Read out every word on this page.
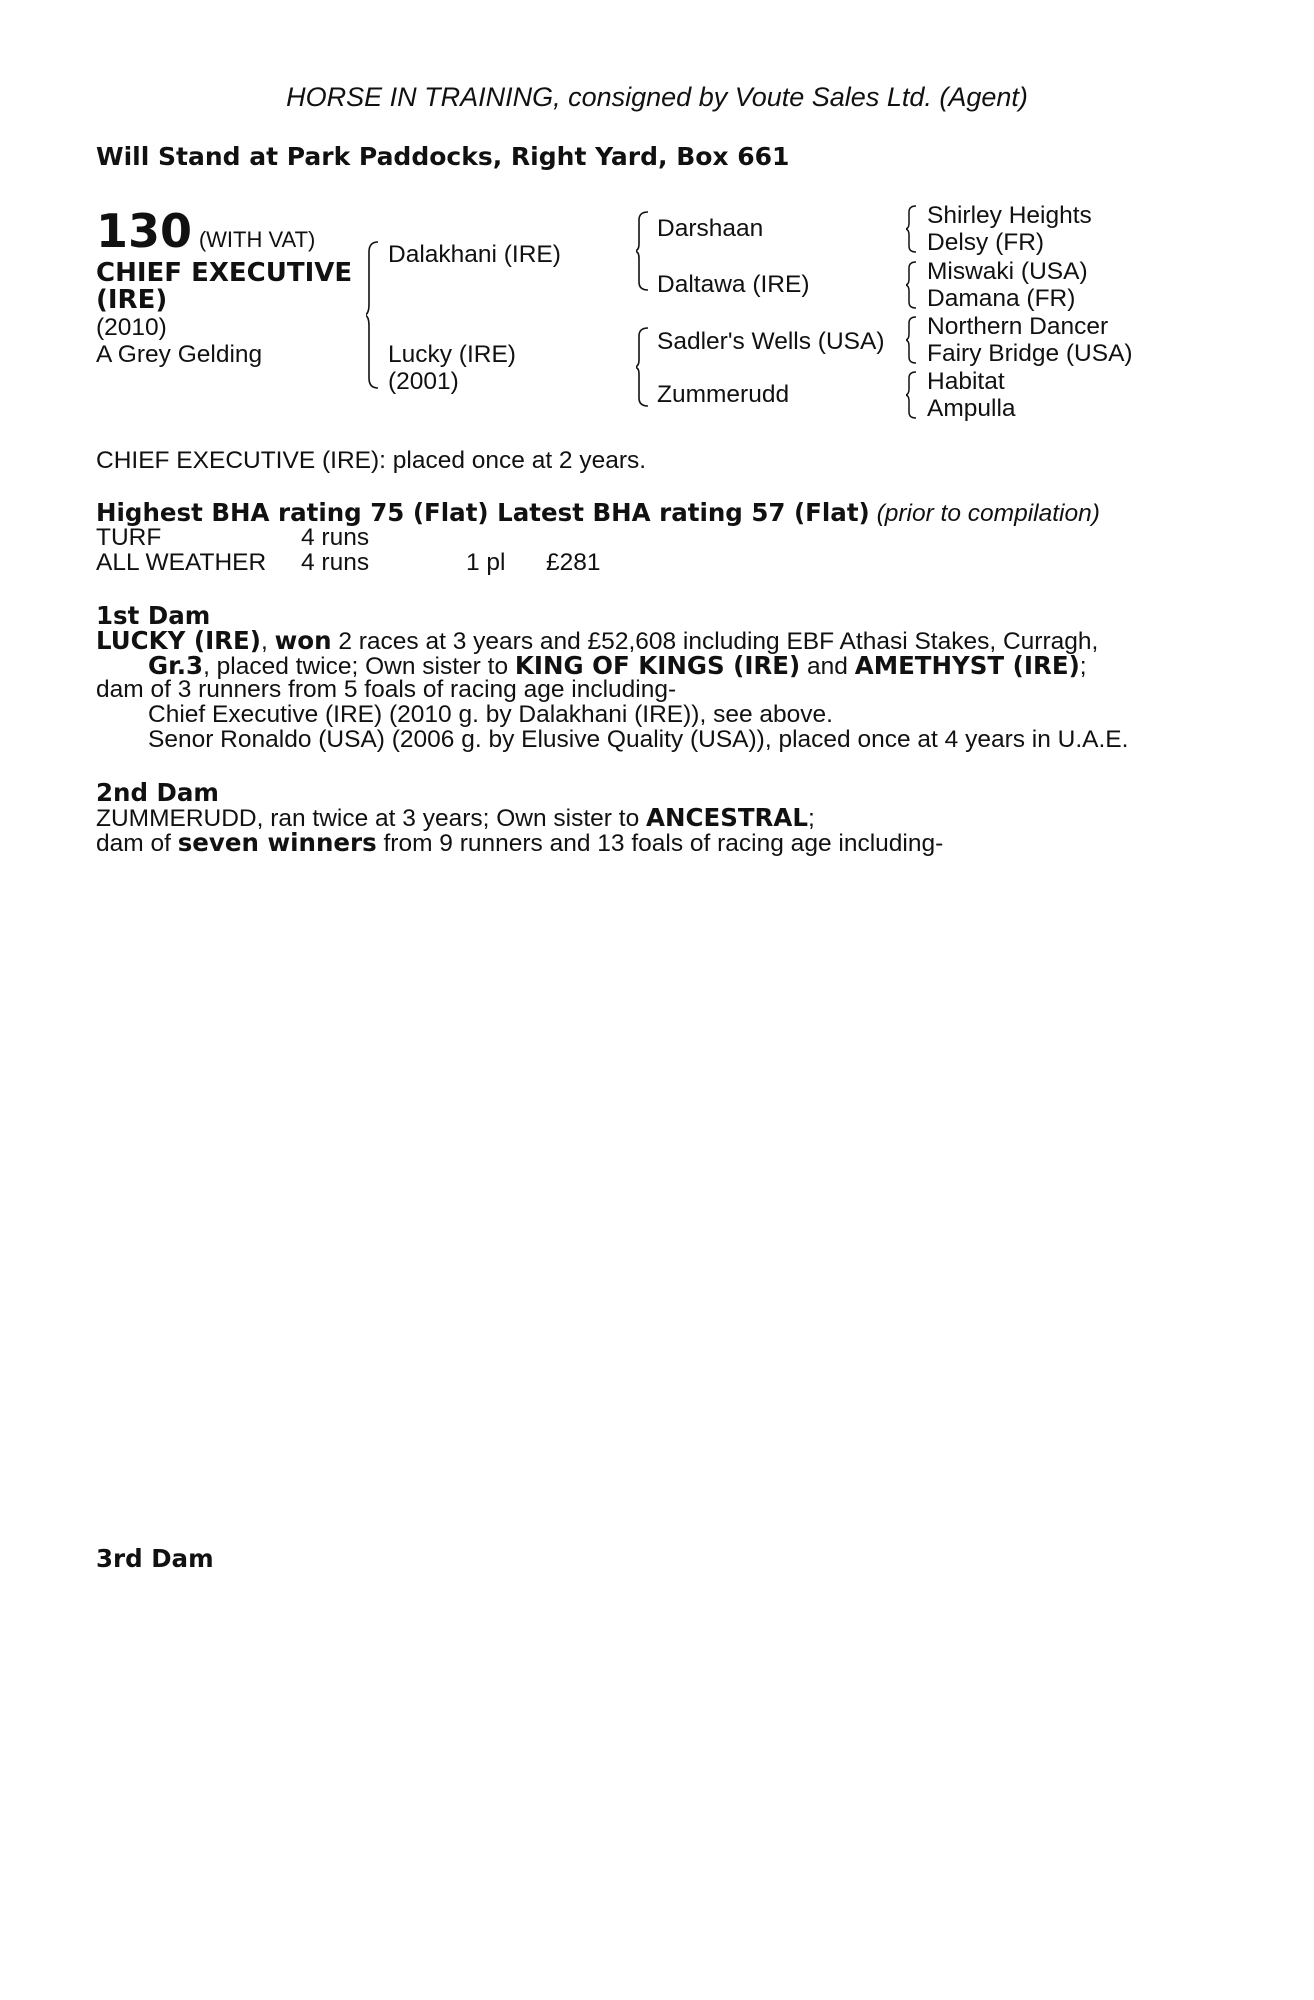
HORSE IN TRAINING, consigned by Voute Sales Ltd. (Agent)
Will Stand at Park Paddocks, Right Yard, Box 661
130 (WITH VAT)
CHIEF EXECUTIVE
(IRE)
(2010)
A Grey Gelding
Dalakhani (IRE)
Lucky (IRE)
(2001)
Darshaan
Daltawa (IRE)
Sadler's Wells (USA)
Zummerudd
Shirley Heights
Delsy (FR)
Miswaki (USA)
Damana (FR)
Northern Dancer
Fairy Bridge (USA)
Habitat
Ampulla
CHIEF EXECUTIVE (IRE): placed once at 2 years.
Highest BHA rating 75 (Flat) Latest BHA rating 57 (Flat) (prior to compilation)
TURF	4 runs
ALL WEATHER 4 runs	1 pl £281
1st Dam
LUCKY (IRE), won 2 races at 3 years and £52,608 including EBF Athasi Stakes, Curragh,
Gr.3, placed twice; Own sister to KING OF KINGS (IRE) and AMETHYST (IRE);
dam of 3 runners from 5 foals of racing age including-
Chief Executive (IRE) (2010 g. by Dalakhani (IRE)), see above.
Senor Ronaldo (USA) (2006 g. by Elusive Quality (USA)), placed once at 4 years in U.A.E.
2nd Dam
ZUMMERUDD, ran twice at 3 years; Own sister to ANCESTRAL;
dam of seven winners from 9 runners and 13 foals of racing age including-
3rd Dam
